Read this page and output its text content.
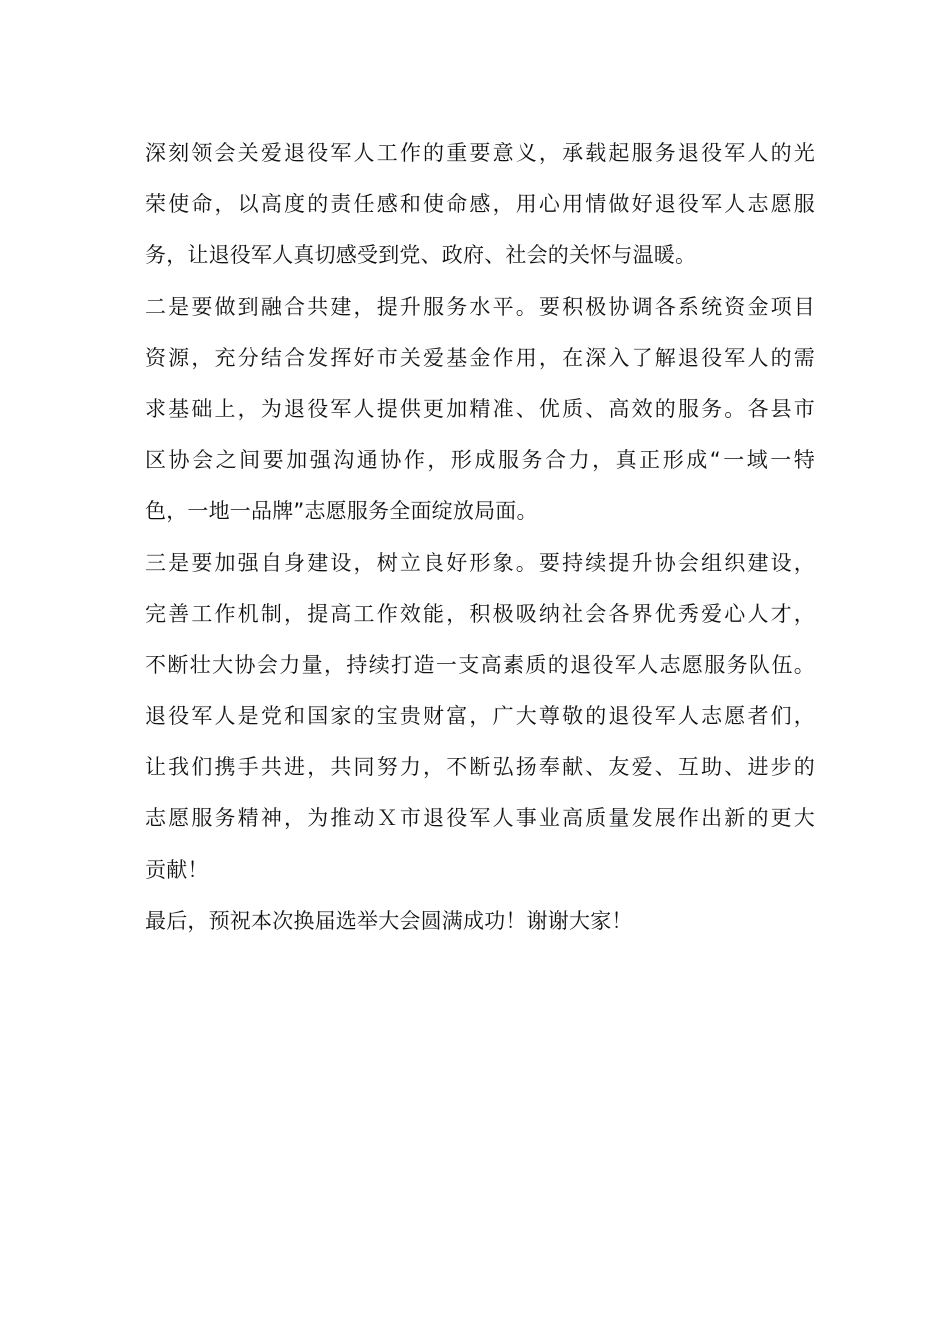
深刻领会关爱退役军人工作的重要意义，承载起服务退役军人的光
荣使命，以高度的责任感和使命感，用心用情做好退役军人志愿服
务，让退役军人真切感受到党、政府、社会的关怀与温暖。
二是要做到融合共建，提升服务水平。要积极协调各系统资金项目
资源，充分结合发挥好市关爱基金作用，在深入了解退役军人的需
求基础上，为退役军人提供更加精准、优质、高效的服务。各县市
区协会之间要加强沟通协作，形成服务合力，真正形成“一域一特
色，一地一品牌”志愿服务全面绽放局面。
三是要加强自身建设，树立良好形象。要持续提升协会组织建设，
完善工作机制，提高工作效能，积极吸纳社会各界优秀爱心人才，
不断壮大协会力量，持续打造一支高素质的退役军人志愿服务队伍。
退役军人是党和国家的宝贵财富，广大尊敬的退役军人志愿者们，
让我们携手共进，共同努力，不断弘扬奉献、友爱、互助、进步的
志愿服务精神，为推动Ｘ市退役军人事业高质量发展作出新的更大
贡献！
最后，预祝本次换届选举大会圆满成功！谢谢大家！
